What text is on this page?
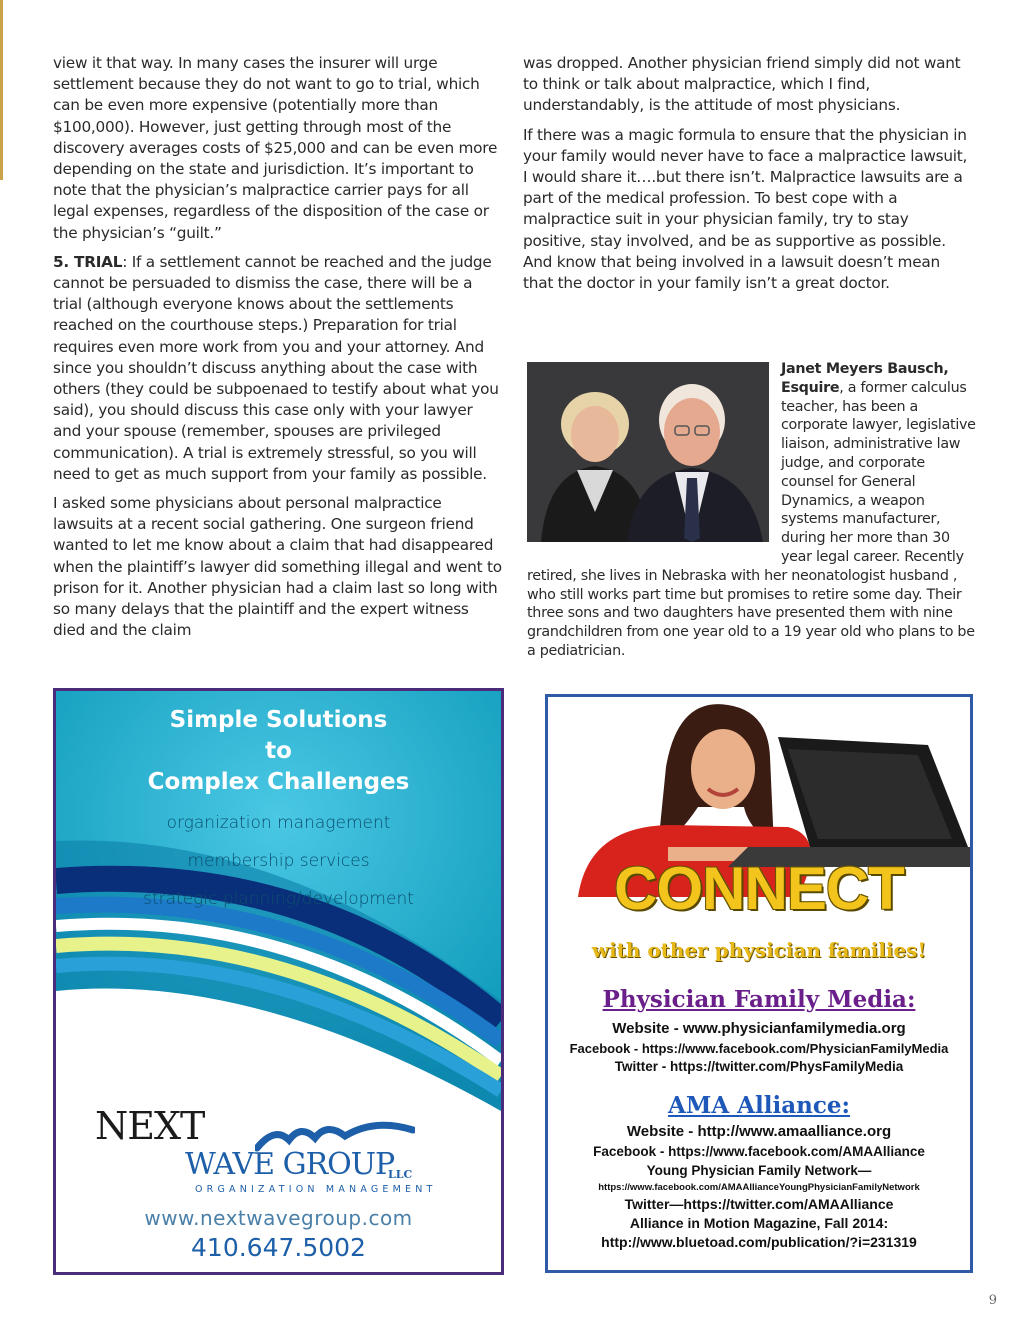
view it that way. In many cases the insurer will urge settlement because they do not want to go to trial, which can be even more expensive (potentially more than $100,000). However, just getting through most of the discovery averages costs of $25,000 and can be even more depending on the state and jurisdiction. It’s important to note that the physician’s malpractice carrier pays for all legal expenses, regardless of the disposition of the case or the physician’s “guilt.”

5. TRIAL: If a settlement cannot be reached and the judge cannot be persuaded to dismiss the case, there will be a trial (although everyone knows about the settlements reached on the courthouse steps.) Preparation for trial requires even more work from you and your attorney. And since you shouldn’t discuss anything about the case with others (they could be subpoenaed to testify about what you said), you should discuss this case only with your lawyer and your spouse (remember, spouses are privileged communication). A trial is extremely stressful, so you will need to get as much support from your family as possible.

I asked some physicians about personal malpractice lawsuits at a recent social gathering. One surgeon friend wanted to let me know about a claim that had disappeared when the plaintiff’s lawyer did something illegal and went to prison for it. Another physician had a claim last so long with so many delays that the plaintiff and the expert witness died and the claim

was dropped. Another physician friend simply did not want to think or talk about malpractice, which I find, understandably, is the attitude of most physicians.

If there was a magic formula to ensure that the physician in your family would never have to face a malpractice lawsuit, I would share it….but there isn’t. Malpractice lawsuits are a part of the medical profession. To best cope with a malpractice suit in your physician family, try to stay positive, stay involved, and be as supportive as possible. And know that being involved in a lawsuit doesn’t mean that the doctor in your family isn’t a great doctor.

Janet Meyers Bausch, Esquire, a former calculus teacher, has been a corporate lawyer, legislative liaison, administrative law judge, and corporate counsel for General Dynamics, a weapon systems manufacturer, during her more than 30 year legal career. Recently retired, she lives in Nebraska with her neonatologist husband , who still works part time but promises to retire some day. Their three sons and two daughters have presented them with nine grandchildren from one year old to a 19 year old who plans to be a pediatrician.
Simple Solutions
to
Complex Challenges
organization management
membership services
strategic planning/development
NEXT
WAVE GROUP
LLC
ORGANIZATION MANAGEMENT
www.nextwavegroup.com
410.647.5002
CONNECT
with other physician families!
Physician Family Media:
Website - www.physicianfamilymedia.org
Facebook - https://www.facebook.com/PhysicianFamilyMedia
Twitter - https://twitter.com/PhysFamilyMedia
AMA Alliance:
Website - http://www.amaalliance.org
Facebook - https://www.facebook.com/AMAAlliance
Young Physician Family Network—
https://www.facebook.com/AMAAllianceYoungPhysicianFamilyNetwork
Twitter—https://twitter.com/AMAAlliance
Alliance in Motion Magazine, Fall 2014:
http://www.bluetoad.com/publication/?i=231319
9
